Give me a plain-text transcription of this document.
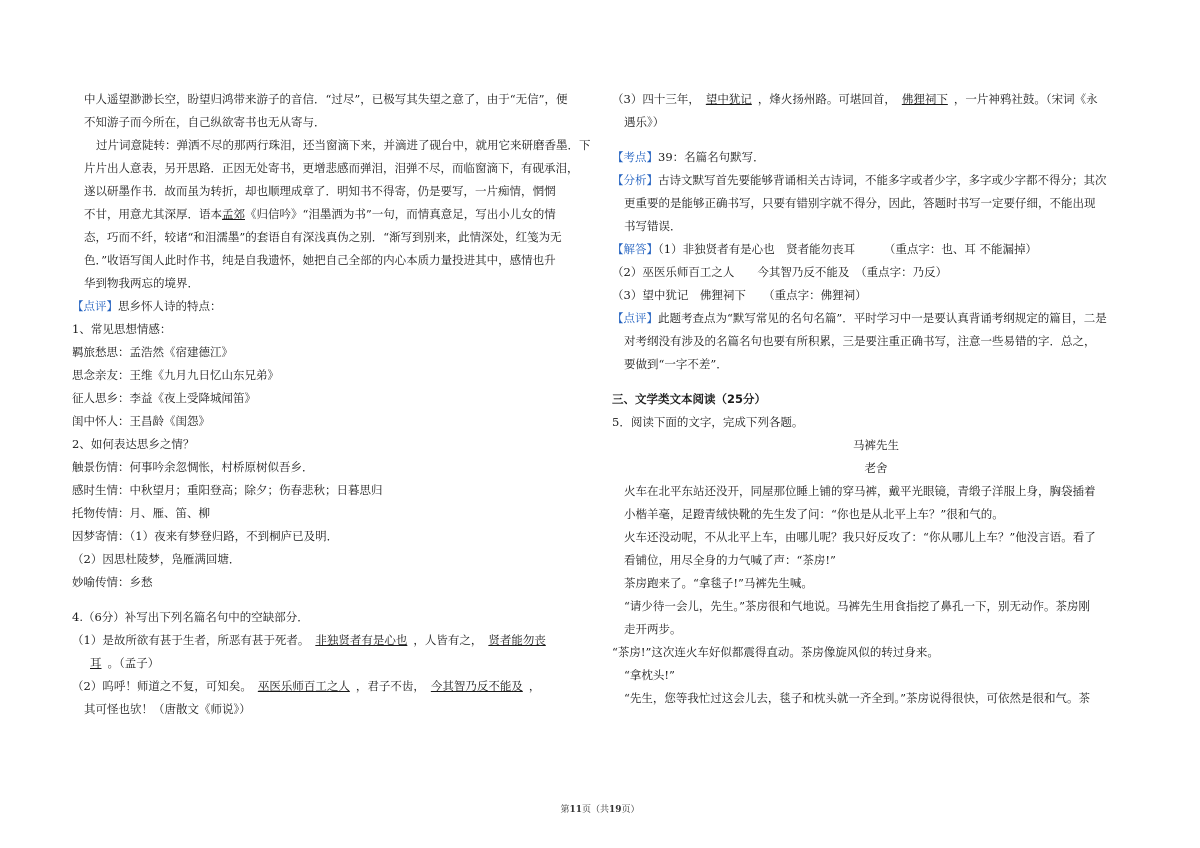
中人遥望渺渺长空，盼望归鸿带来游子的音信．“过尽”，已极写其失望之意了，由于“无信”，便
不知游子而今所在，自己纵欲寄书也无从寄与．
过片词意陡转：弹洒不尽的那两行珠泪，还当窗滴下来，并滴进了砚台中，就用它来研磨香墨．下
片片出人意表，另开思路．正因无处寄书，更增悲感而弹泪，泪弹不尽，而临窗滴下，有砚承泪，
遂以研墨作书．故而虽为转折，却也顺理成章了．明知书不得寄，仍是要写，一片痴情，惘惘
不甘，用意尤其深厚．语本孟郊《归信吟》“泪墨洒为书”一句，而情真意足，写出小儿女的情
态，巧而不纤，较诸“和泪濡墨”的套语自有深浅真伪之别．“渐写到别来，此情深处，红笺为无
色．”收语写闺人此时作书，纯是自我遗怀，她把自己全部的内心本质力量投进其中，感情也升
华到物我两忘的境界．
【点评】思乡怀人诗的特点：
1、常见思想情感：
羁旅愁思：孟浩然《宿建德江》
思念亲友：王维《九月九日忆山东兄弟》
征人思乡：李益《夜上受降城闻笛》
闺中怀人：王昌龄《闺怨》
2、如何表达思乡之情？
触景伤情：何事吟余忽惆怅，村桥原树似吾乡．
感时生情：中秋望月；重阳登高；除夕；伤春悲秋；日暮思归
托物传情：月、雁、笛、柳
因梦寄情：（1）夜来有梦登归路，不到桐庐已及明．
（2）因思杜陵梦，凫雁满回塘．
妙喻传情：乡愁
4.（6分）补写出下列名篇名句中的空缺部分．
（1）是故所欲有甚于生者，所恶有甚于死者。 非独贤者有是心也 ，人皆有之， 贤者能勿丧
耳 。（孟子）
（2）呜呼！师道之不复，可知矣。 巫医乐师百工之人 ，君子不齿， 今其智乃反不能及 ，
其可怪也欤！（唐散文《师说》）
（3）四十三年， 望中犹记 ，烽火扬州路。可堪回首， 佛狸祠下 ，一片神鸦社鼓。（宋词《永
遇乐》）
【考点】39：名篇名句默写．
【分析】古诗文默写首先要能够背诵相关古诗词，不能多字或者少字，多字或少字都不得分；其次
更重要的是能够正确书写，只要有错别字就不得分，因此，答题时书写一定要仔细，不能出现
书写错误．
【解答】（1）非独贤者有是心也　贤者能勿丧耳　　　（重点字：也、耳 不能漏掉）
（2）巫医乐师百工之人　　今其智乃反不能及　（重点字：乃反）
（3）望中犹记　佛狸祠下　　（重点字：佛狸祠）
【点评】此题考查点为“默写常见的名句名篇”．平时学习中一是要认真背诵考纲规定的篇目，二是
对考纲没有涉及的名篇名句也要有所积累，三是要注重正确书写，注意一些易错的字．总之，
要做到“一字不差”．
三、文学类文本阅读（25分）
5．阅读下面的文字，完成下列各题。
马裤先生
老舍
火车在北平东站还没开，同屋那位睡上铺的穿马裤，戴平光眼镜，青缎子洋服上身，胸袋插着
小楷羊毫，足蹬青绒快靴的先生发了问：“你也是从北平上车？”很和气的。
火车还没动呢，不从北平上车，由哪儿呢？我只好反攻了：“你从哪儿上车？”他没言语。看了
看铺位，用尽全身的力气喊了声：“茶房!”
茶房跑来了。“拿毯子!”马裤先生喊。
“请少待一会儿，先生。”茶房很和气地说。马裤先生用食指挖了鼻孔一下，别无动作。茶房刚
走开两步。
“茶房!”这次连火车好似都震得直动。茶房像旋风似的转过身来。
“拿枕头!”
“先生，您等我忙过这会儿去，毯子和枕头就一齐全到。”茶房说得很快，可依然是很和气。茶
第11页（共19页）
